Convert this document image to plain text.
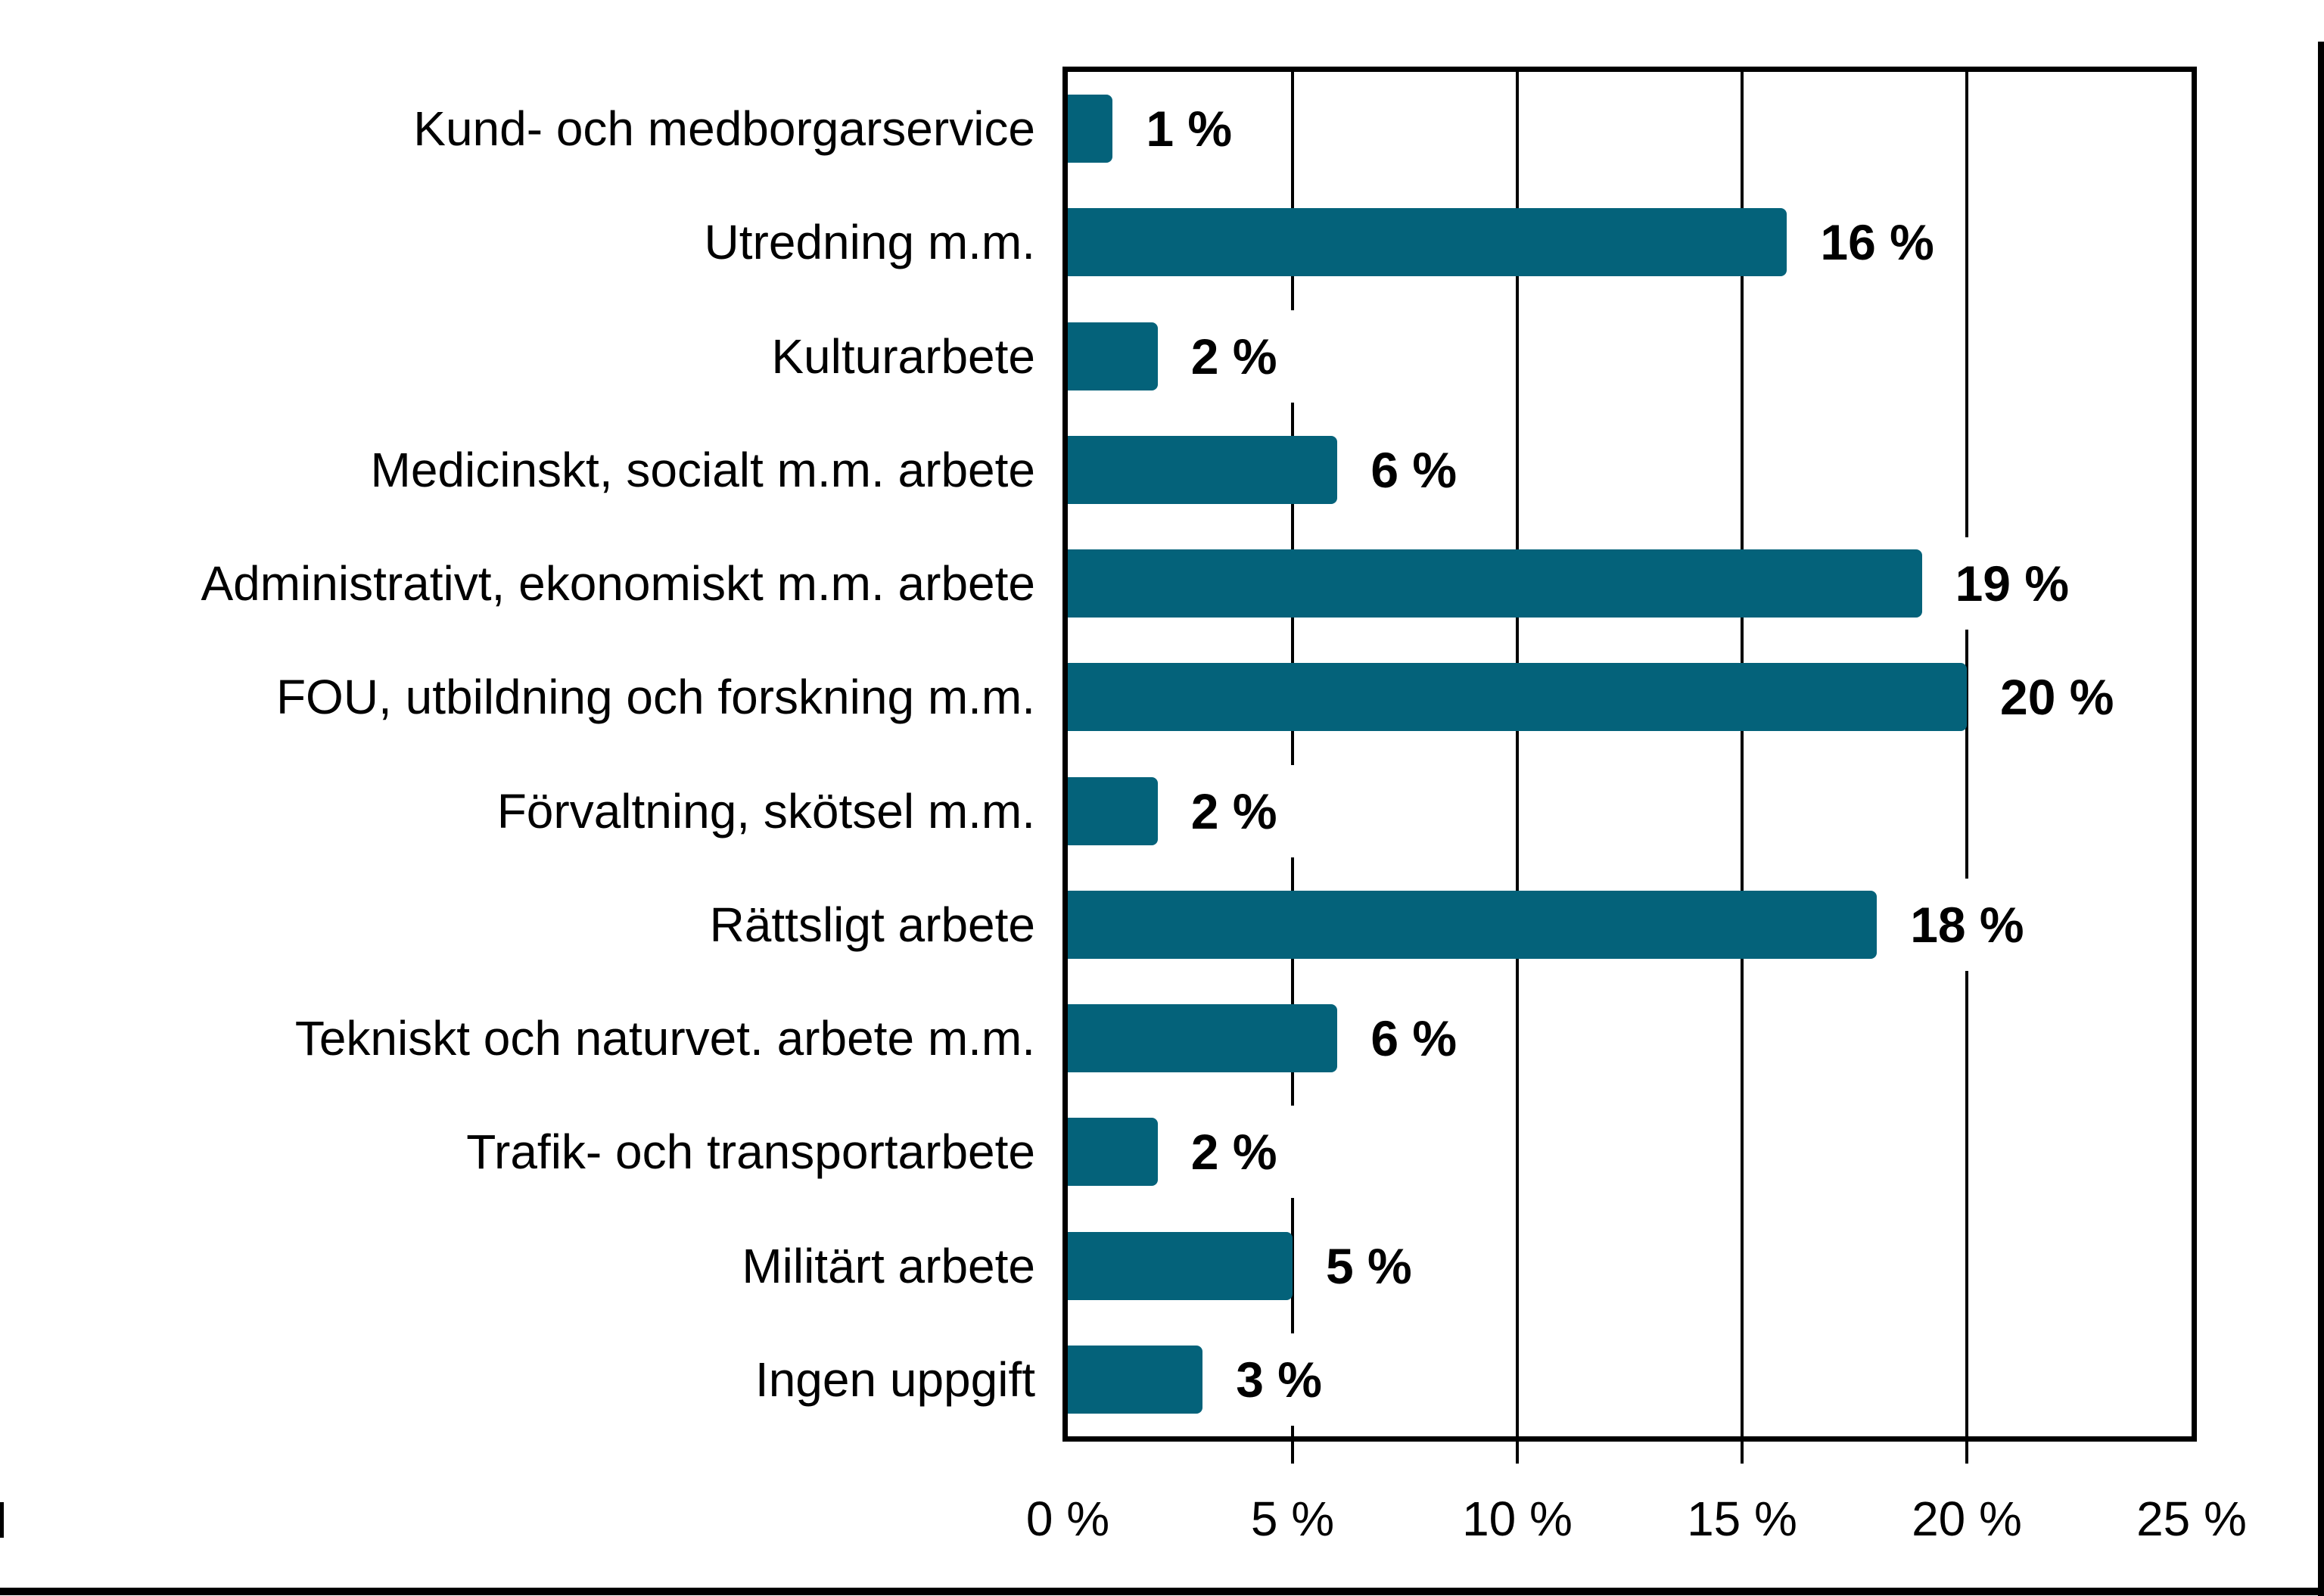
1 %
16 %
2 %
6 %
19 %
20 %
2 %
18 %
6 %
2 %
5 %
3 %
Kund- och medborgarservice
Utredning m.m.
Kulturarbete
Medicinskt, socialt m.m. arbete
Administrativt, ekonomiskt m.m. arbete
FOU, utbildning och forskning m.m.
Förvaltning, skötsel m.m.
Rättsligt arbete
Tekniskt och naturvet. arbete m.m.
Trafik- och transportarbete
Militärt arbete
Ingen uppgift
0 %	5 %	10 %	15 %	20 %	25 %
